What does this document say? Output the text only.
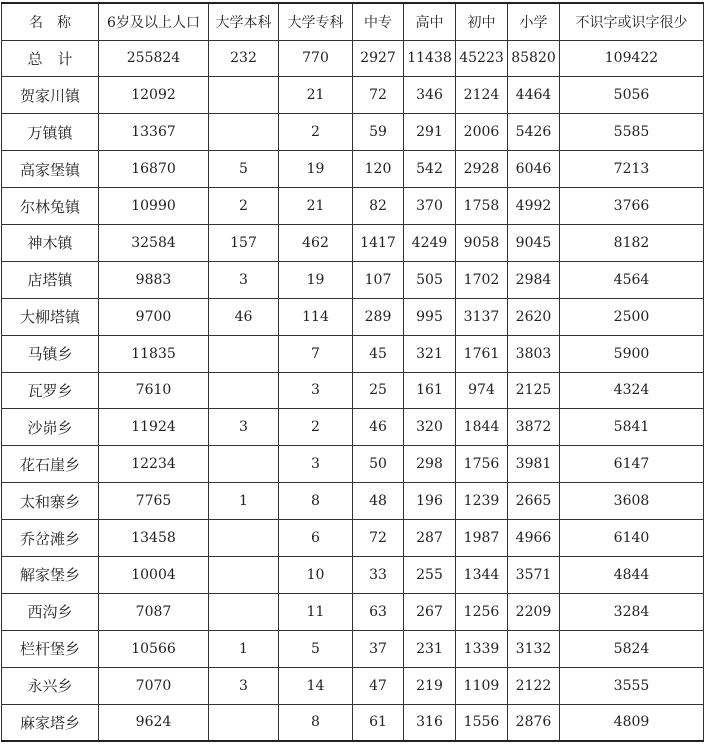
名　称	6岁及以上人口	大学本科	大学专科	中专	高中	初中	小学	不识字或识字很少
总　计	255824	232	770	2927	11438	45223	85820	109422
贺家川镇	12092		21	72	346	2124	4464	5056
万镇镇	13367		2	59	291	2006	5426	5585
高家堡镇	16870	5	19	120	542	2928	6046	7213
尔林兔镇	10990	2	21	82	370	1758	4992	3766
神木镇	32584	157	462	1417	4249	9058	9045	8182
店塔镇	9883	3	19	107	505	1702	2984	4564
大柳塔镇	9700	46	114	289	995	3137	2620	2500
马镇乡	11835		7	45	321	1761	3803	5900
瓦罗乡	7610		3	25	161	974	2125	4324
沙峁乡	11924	3	2	46	320	1844	3872	5841
花石崖乡	12234		3	50	298	1756	3981	6147
太和寨乡	7765	1	8	48	196	1239	2665	3608
乔岔滩乡	13458		6	72	287	1987	4966	6140
解家堡乡	10004		10	33	255	1344	3571	4844
西沟乡	7087		11	63	267	1256	2209	3284
栏杆堡乡	10566	1	5	37	231	1339	3132	5824
永兴乡	7070	3	14	47	219	1109	2122	3555
麻家塔乡	9624		8	61	316	1556	2876	4809
